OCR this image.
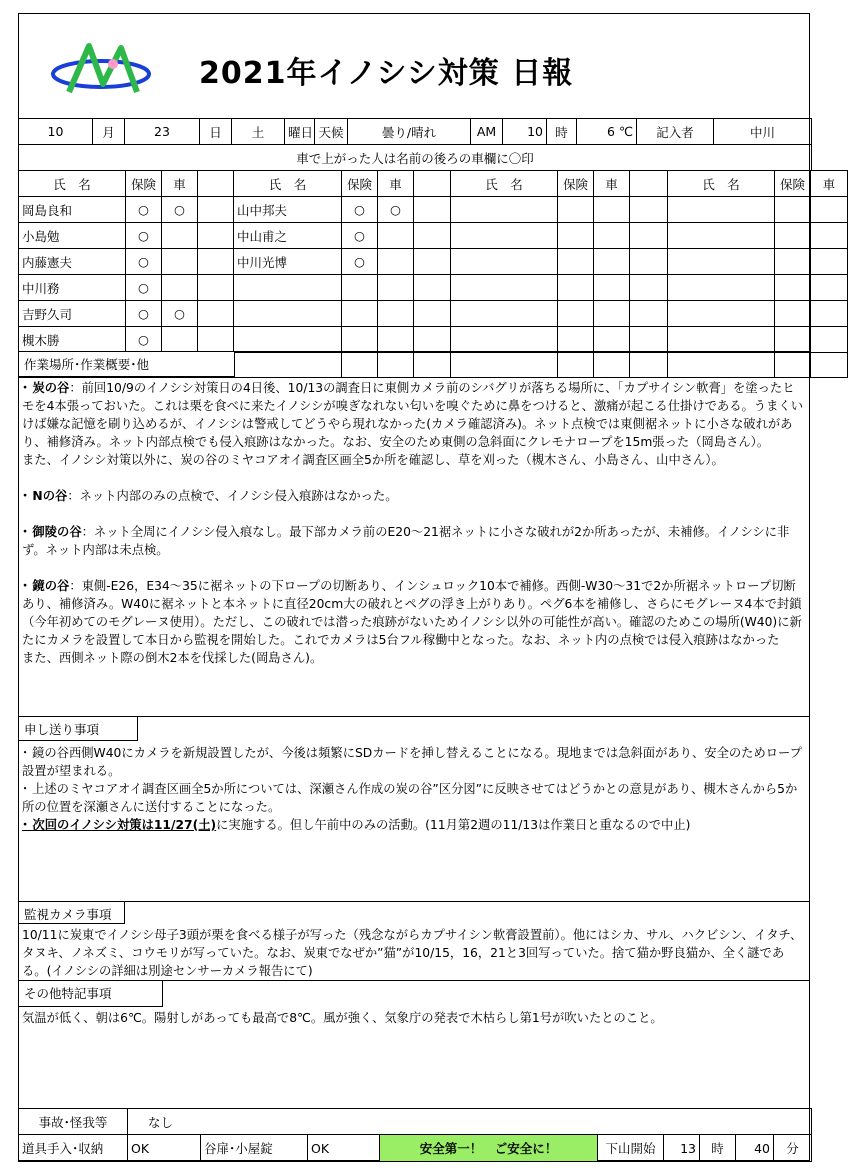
2021年イノシシ対策 日報
10	月	23	日	土	曜日	天候	曇り/晴れ	AM	10	時	6 ℃	記入者	中川
車で上がった人は名前の後ろの車欄に〇印
氏　名	保険	車		氏　名	保険	車		氏　名	保険	車		氏　名	保険	車
岡島良和	○	○		山中邦夫	○	○								
小島勉	○			中山甫之	○									
内藤憲夫	○			中川光博	○									
中川務	○													
吉野久司	○	○												
槻木勝	○													

作業場所･作業概要･他

･ 炭の谷：前回10/9のイノシシ対策日の4日後、10/13の調査日に東側カメラ前のシバグリが落ちる場所に、「カプサイシン軟膏」を塗ったヒモを4本張っておいた。これは栗を食べに来たイノシシが嗅ぎなれない匂いを嗅ぐために鼻をつけると、激痛が起こる仕掛けである。うまくいけば嫌な記憶を刷り込めるが、イノシシは警戒してどうやら現れなかった(カメラ確認済み)。ネット点検では東側裾ネットに小さな破れがあり、補修済み。ネット内部点検でも侵入痕跡はなかった。なお、安全のため東側の急斜面にクレモナロープを15m張った（岡島さん）。

また、イノシシ対策以外に、炭の谷のミヤコアオイ調査区画全5か所を確認し、草を刈った（槻木さん、小島さん、山中さん）。

･ Nの谷：ネット内部のみの点検で、イノシシ侵入痕跡はなかった。

･ 御陵の谷：ネット全周にイノシシ侵入痕なし。最下部カメラ前のE20～21裾ネットに小さな破れが2か所あったが、未補修。イノシシに非ず。ネット内部は未点検。

･ 鏡の谷：東側-E26，E34～35に裾ネットの下ロープの切断あり、インシュロック10本で補修。西側-W30～31で2か所裾ネットロープ切断あり、補修済み。W40に裾ネットと本ネットに直径20cm大の破れとペグの浮き上がりあり。ペグ6本を補修し、さらにモグレーヌ4本で封鎖（今年初めてのモグレーヌ使用）。ただし、この破れでは潜った痕跡がないためイノシシ以外の可能性が高い。確認のためこの場所(W40)に新たにカメラを設置して本日から監視を開始した。これでカメラは5台フル稼働中となった。なお、ネット内の点検では侵入痕跡はなかった

また、西側ネット際の倒木2本を伐採した(岡島さん)。

申し送り事項

･ 鏡の谷西側W40にカメラを新規設置したが、今後は頻繁にSDカードを挿し替えることになる。現地までは急斜面があり、安全のためロープ設置が望まれる。

･ 上述のミヤコアオイ調査区画全5か所については、深瀬さん作成の炭の谷”区分図”に反映させてはどうかとの意見があり、槻木さんから5か所の位置を深瀬さんに送付することになった。

･ 次回のイノシシ対策は11/27(土)に実施する。但し午前中のみの活動。(11月第2週の11/13は作業日と重なるので中止)

監視カメラ事項
10/11に炭東でイノシシ母子3頭が栗を食べる様子が写った（残念ながらカプサイシン軟膏設置前）。他にはシカ、サル、ハクビシン、イタチ、タヌキ、ノネズミ、コウモリが写っていた。なお、炭東でなぜか”猫”が10/15，16，21と3回写っていた。捨て猫か野良猫か、全く謎である。(イノシシの詳細は別途センサーカメラ報告にて)
その他特記事項
気温が低く、朝は6℃。陽射しがあっても最高で8℃。風が強く、気象庁の発表で木枯らし第1号が吹いたとのこと。
事故･怪我等	なし
道具手入･収納	OK	谷扉･小屋錠	OK	安全第一！　ご安全に！	下山開始	13	時	40	分
